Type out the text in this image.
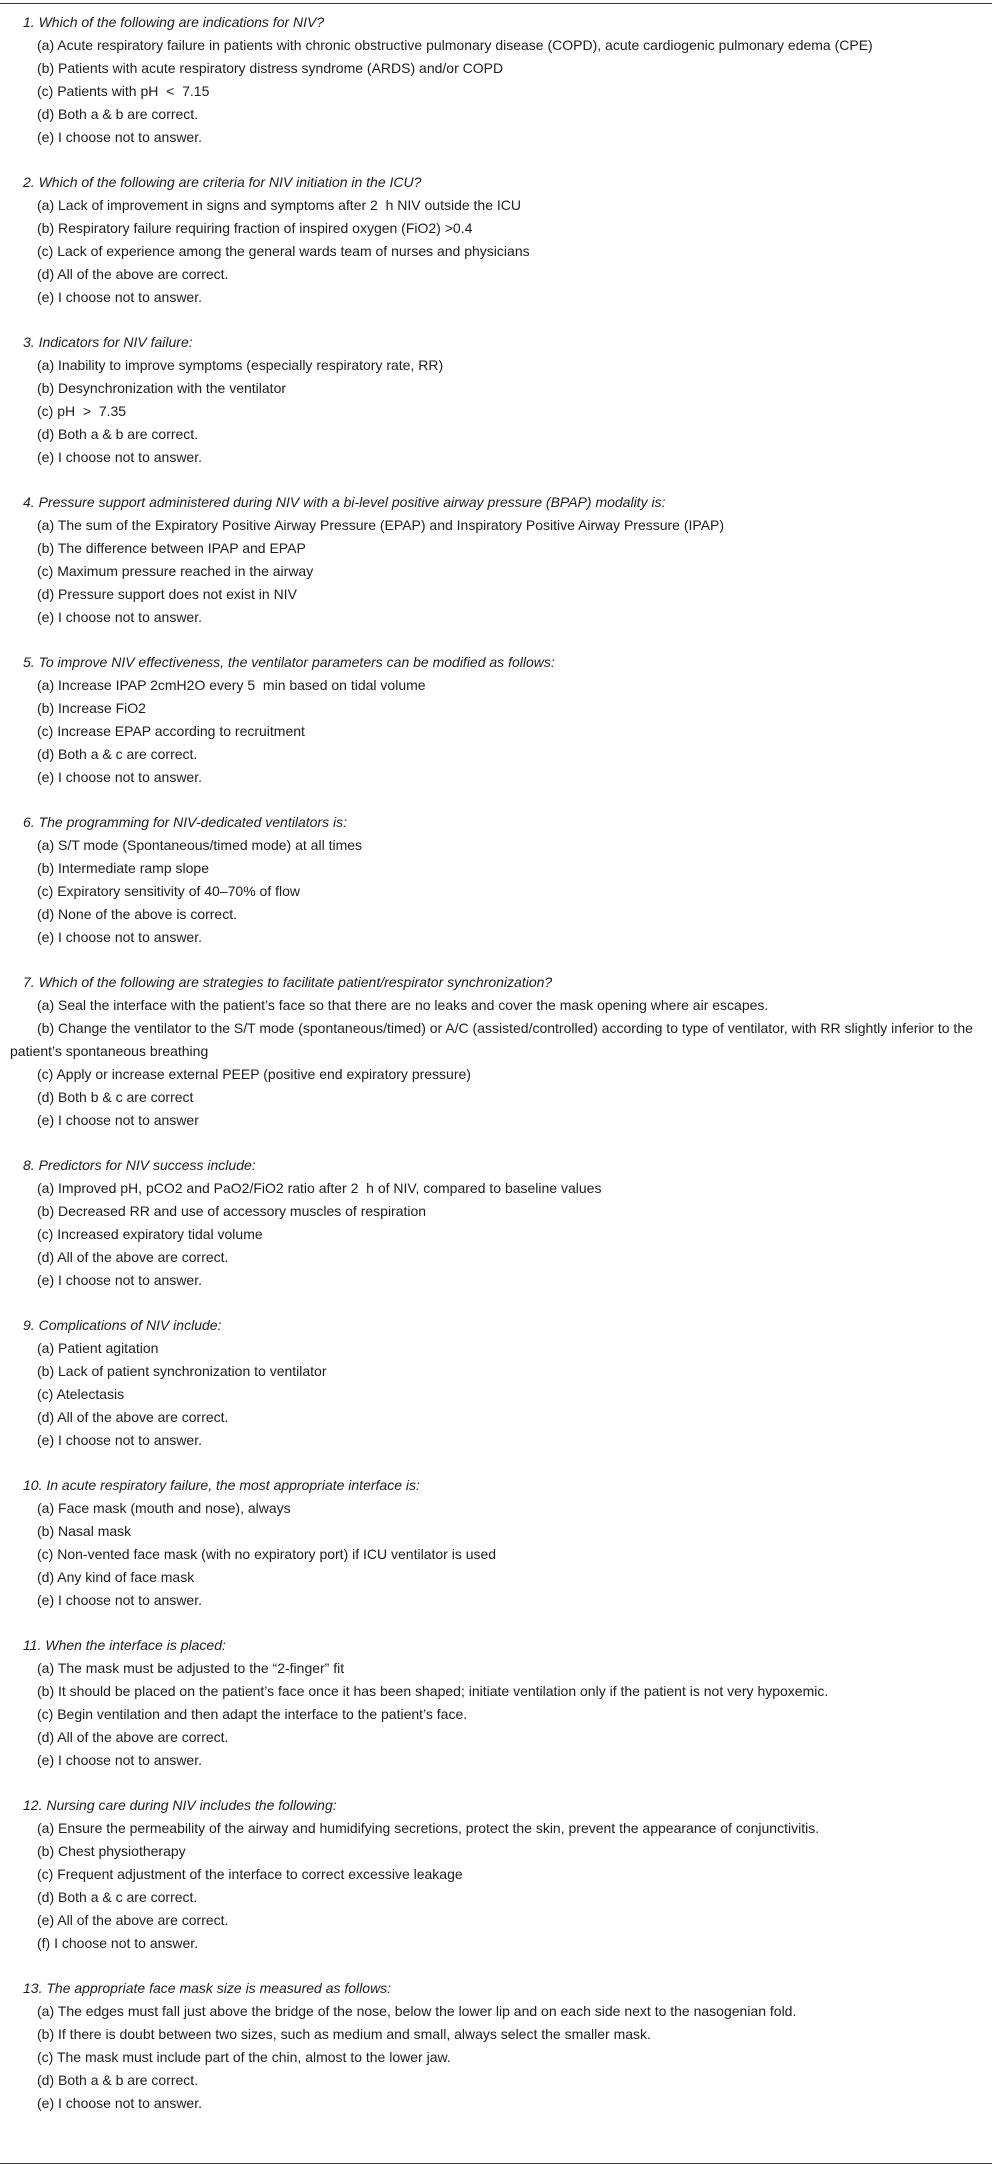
1. Which of the following are indications for NIV?

(a) Acute respiratory failure in patients with chronic obstructive pulmonary disease (COPD), acute cardiogenic pulmonary edema (CPE)

(b) Patients with acute respiratory distress syndrome (ARDS) and/or COPD

(c) Patients with pH  <  7.15

(d) Both a & b are correct.

(e) I choose not to answer.

2. Which of the following are criteria for NIV initiation in the ICU?

(a) Lack of improvement in signs and symptoms after 2  h NIV outside the ICU

(b) Respiratory failure requiring fraction of inspired oxygen (FiO2) >0.4

(c) Lack of experience among the general wards team of nurses and physicians

(d) All of the above are correct.

(e) I choose not to answer.

3. Indicators for NIV failure:

(a) Inability to improve symptoms (especially respiratory rate, RR)

(b) Desynchronization with the ventilator

(c) pH  >  7.35

(d) Both a & b are correct.

(e) I choose not to answer.

4. Pressure support administered during NIV with a bi-level positive airway pressure (BPAP) modality is:

(a) The sum of the Expiratory Positive Airway Pressure (EPAP) and Inspiratory Positive Airway Pressure (IPAP)

(b) The difference between IPAP and EPAP

(c) Maximum pressure reached in the airway

(d) Pressure support does not exist in NIV

(e) I choose not to answer.

5. To improve NIV effectiveness, the ventilator parameters can be modified as follows:

(a) Increase IPAP 2cmH2O every 5  min based on tidal volume

(b) Increase FiO2

(c) Increase EPAP according to recruitment

(d) Both a & c are correct.

(e) I choose not to answer.

6. The programming for NIV-dedicated ventilators is:

(a) S/T mode (Spontaneous/timed mode) at all times

(b) Intermediate ramp slope

(c) Expiratory sensitivity of 40–70% of flow

(d) None of the above is correct.

(e) I choose not to answer.

7. Which of the following are strategies to facilitate patient/respirator synchronization?

(a) Seal the interface with the patient’s face so that there are no leaks and cover the mask opening where air escapes.

(b) Change the ventilator to the S/T mode (spontaneous/timed) or A/C (assisted/controlled) according to type of ventilator, with RR slightly inferior to the patient’s spontaneous breathing

(c) Apply or increase external PEEP (positive end expiratory pressure)

(d) Both b & c are correct

(e) I choose not to answer

8. Predictors for NIV success include:

(a) Improved pH, pCO2 and PaO2/FiO2 ratio after 2  h of NIV, compared to baseline values

(b) Decreased RR and use of accessory muscles of respiration

(c) Increased expiratory tidal volume

(d) All of the above are correct.

(e) I choose not to answer.

9. Complications of NIV include:

(a) Patient agitation

(b) Lack of patient synchronization to ventilator

(c) Atelectasis

(d) All of the above are correct.

(e) I choose not to answer.

10. In acute respiratory failure, the most appropriate interface is:

(a) Face mask (mouth and nose), always

(b) Nasal mask

(c) Non-vented face mask (with no expiratory port) if ICU ventilator is used

(d) Any kind of face mask

(e) I choose not to answer.

11. When the interface is placed:

(a) The mask must be adjusted to the “2-finger” fit

(b) It should be placed on the patient’s face once it has been shaped; initiate ventilation only if the patient is not very hypoxemic.

(c) Begin ventilation and then adapt the interface to the patient’s face.

(d) All of the above are correct.

(e) I choose not to answer.

12. Nursing care during NIV includes the following:

(a) Ensure the permeability of the airway and humidifying secretions, protect the skin, prevent the appearance of conjunctivitis.

(b) Chest physiotherapy

(c) Frequent adjustment of the interface to correct excessive leakage

(d) Both a & c are correct.

(e) All of the above are correct.

(f) I choose not to answer.

13. The appropriate face mask size is measured as follows:

(a) The edges must fall just above the bridge of the nose, below the lower lip and on each side next to the nasogenian fold.

(b) If there is doubt between two sizes, such as medium and small, always select the smaller mask.

(c) The mask must include part of the chin, almost to the lower jaw.

(d) Both a & b are correct.

(e) I choose not to answer.
